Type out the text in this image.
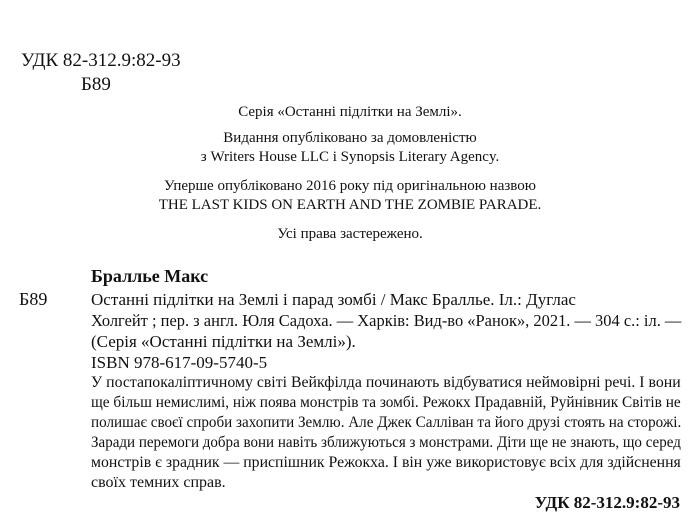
УДК 82-312.9:82-93
Б89
Серія «Останні підлітки на Землі».
Видання опубліковано за домовленістю
з Writers House LLC і Synopsis Literary Agency.
Уперше опубліковано 2016 року під оригінальною назвою
THE LAST KIDS ON EARTH AND THE ZOMBIE PARADE.
Усі права застережено.
Браллье Макс
Б89	Останні підлітки на Землі і парад зомбі / Макс Браллье. Іл.: Дуглас
Холгейт ; пер. з англ. Юля Садоха. — Харків: Вид-во «Ранок», 2021. — 304 с.: іл. —
(Серія «Останні підлітки на Землі»).
ISBN 978-617-09-5740-5
У постапокаліптичному світі Вейкфілда починають відбуватися неймовірні речі. І вони
ще більш немислимі, ніж поява монстрів та зомбі. Режокх Прадавній, Руйнівник Світів не
полишає своєї спроби захопити Землю. Але Джек Салліван та його друзі стоять на сторожі.
Заради перемоги добра вони навіть зближуються з монстрами. Діти ще не знають, що серед
монстрів є зрадник — приспішник Режокха. І він уже використовує всіх для здійснення
своїх темних справ.
УДК 82-312.9:82-93
